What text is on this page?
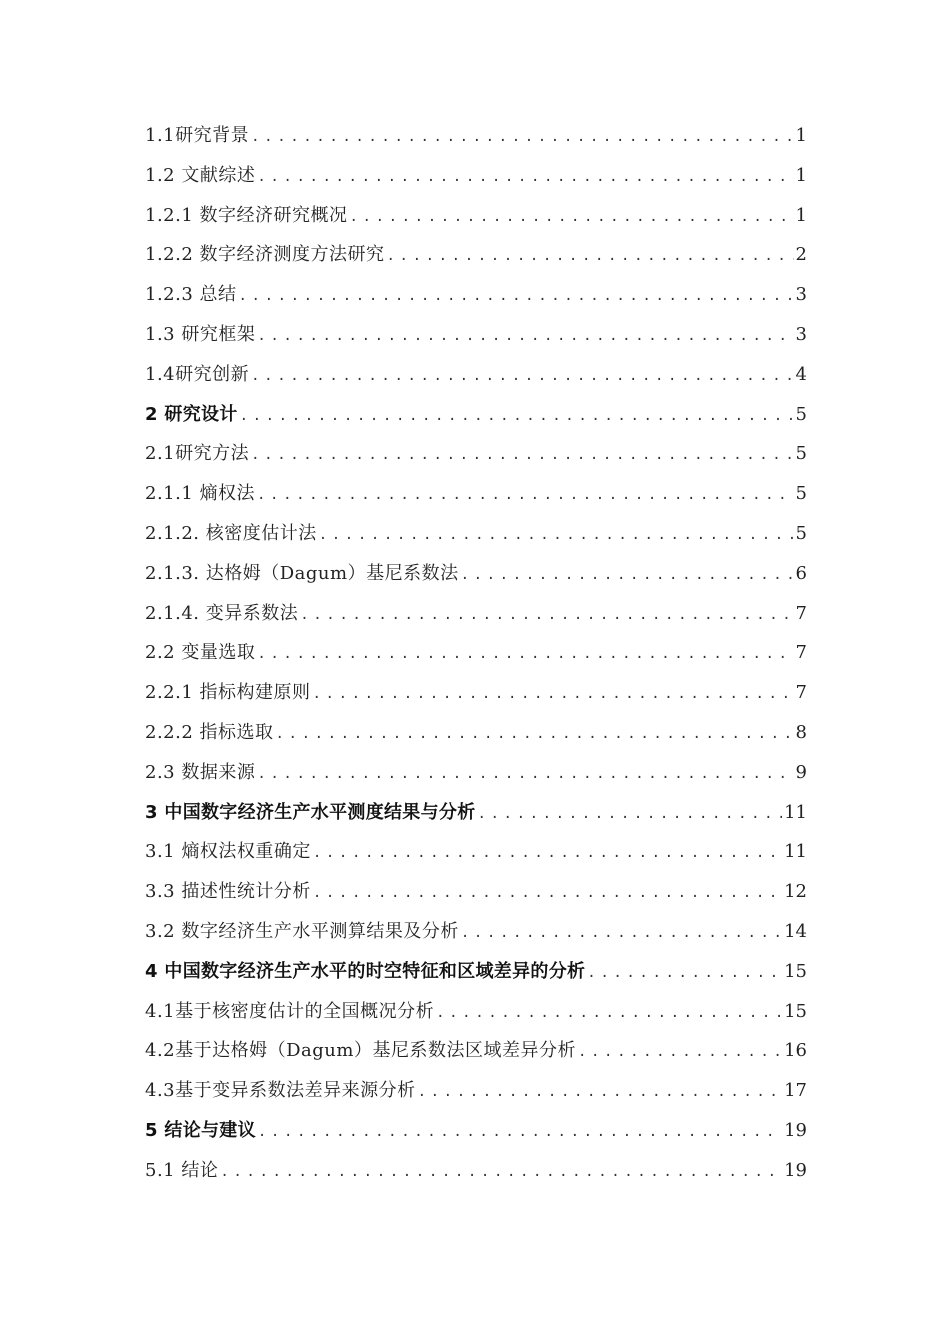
1.1研究背景 .....	1
1.2 文献综述 .....	1
1.2.1 数字经济研究概况 .....	1
1.2.2 数字经济测度方法研究 .....	2
1.2.3 总结 .....	3
1.3 研究框架 .....	3
1.4研究创新 .....	4
2 研究设计 .....	5
2.1研究方法 .....	5
2.1.1 熵权法 .....	5
2.1.2. 核密度估计法 .....	5
2.1.3. 达格姆（Dagum）基尼系数法 .....	6
2.1.4. 变异系数法 .....	7
2.2 变量选取 .....	7
2.2.1 指标构建原则 .....	7
2.2.2 指标选取 .....	8
2.3 数据来源 .....	9
3 中国数字经济生产水平测度结果与分析 .....	11
3.1 熵权法权重确定 .....	11
3.3 描述性统计分析 .....	12
3.2 数字经济生产水平测算结果及分析 .....	14
4 中国数字经济生产水平的时空特征和区域差异的分析 .....	15
4.1基于核密度估计的全国概况分析 .....	15
4.2基于达格姆（Dagum）基尼系数法区域差异分析 .....	16
4.3基于变异系数法差异来源分析 .....	17
5 结论与建议 .....	19
5.1 结论 .....	19
